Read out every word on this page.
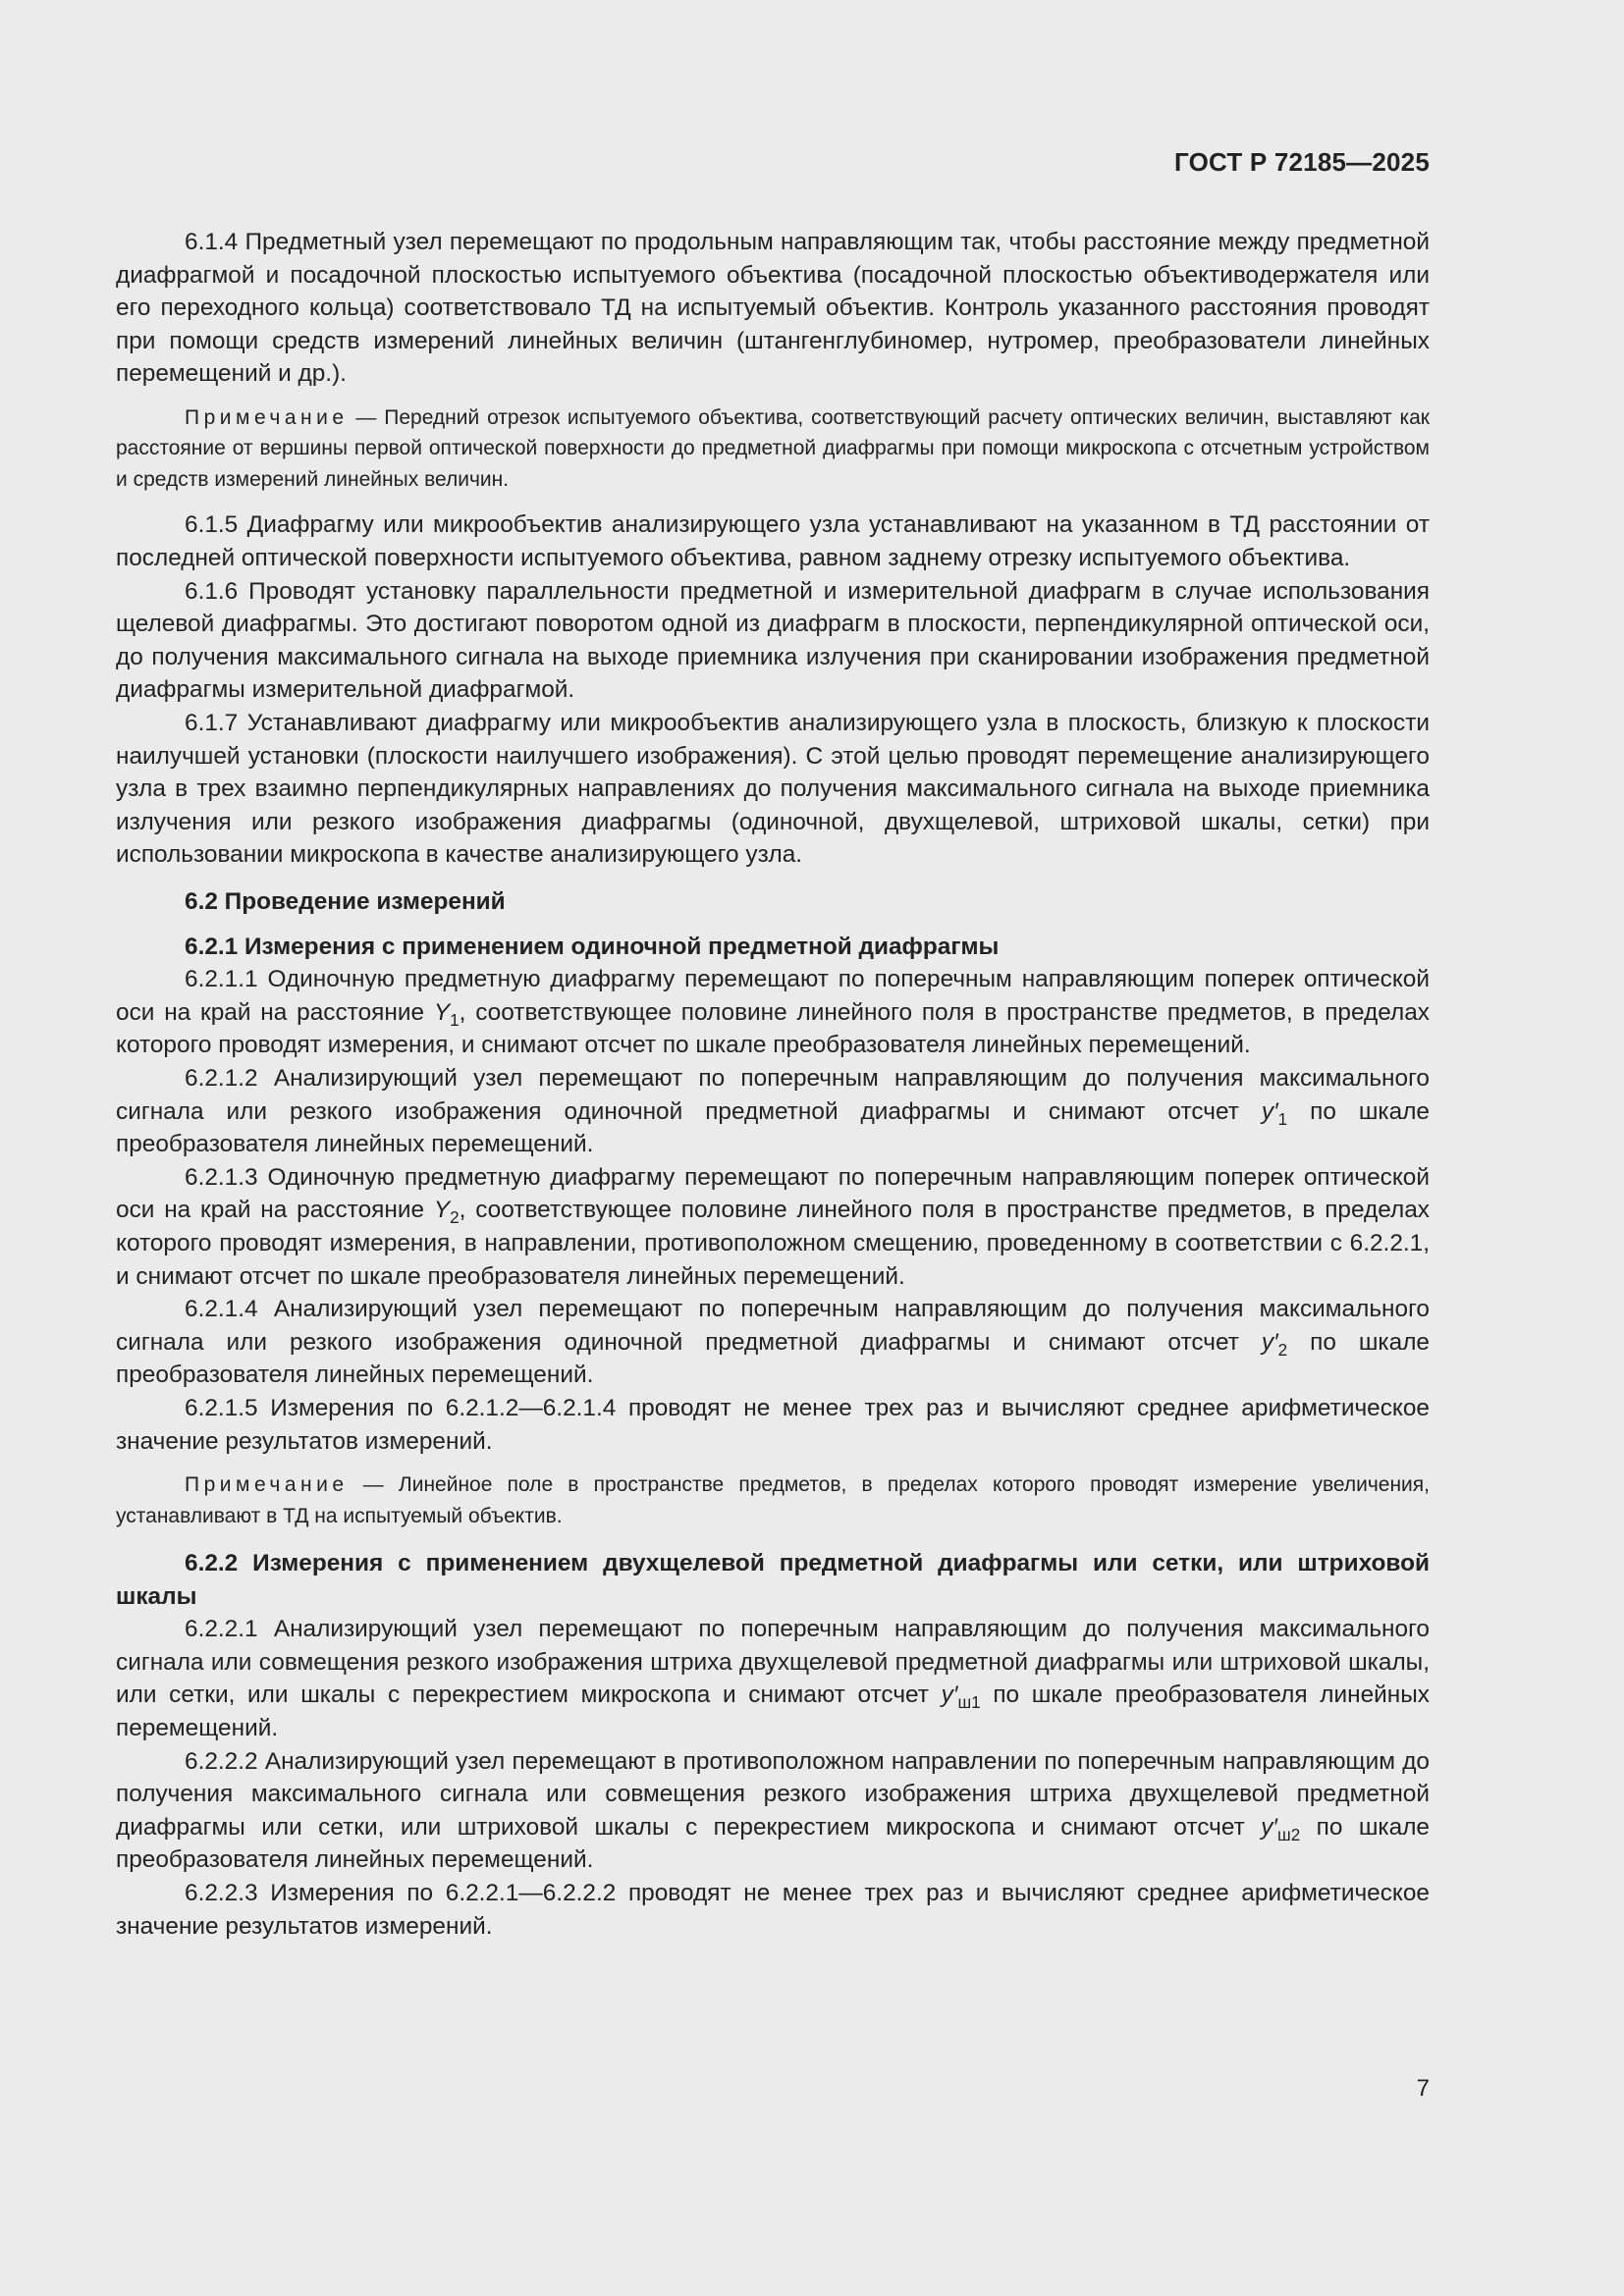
ГОСТ Р 72185—2025

6.1.4 Предметный узел перемещают по продольным направляющим так, чтобы расстояние между предметной диафрагмой и посадочной плоскостью испытуемого объектива (посадочной плоскостью объективодержателя или его переходного кольца) соответствовало ТД на испытуемый объектив. Контроль указанного расстояния проводят при помощи средств измерений линейных величин (штангенглубиномер, нутромер, преобразователи линейных перемещений и др.).

Примечание — Передний отрезок испытуемого объектива, соответствующий расчету оптических величин, выставляют как расстояние от вершины первой оптической поверхности до предметной диафрагмы при помощи микроскопа с отсчетным устройством и средств измерений линейных величин.

6.1.5 Диафрагму или микрообъектив анализирующего узла устанавливают на указанном в ТД расстоянии от последней оптической поверхности испытуемого объектива, равном заднему отрезку испытуемого объектива.

6.1.6 Проводят установку параллельности предметной и измерительной диафрагм в случае использования щелевой диафрагмы. Это достигают поворотом одной из диафрагм в плоскости, перпендикулярной оптической оси, до получения максимального сигнала на выходе приемника излучения при сканировании изображения предметной диафрагмы измерительной диафрагмой.

6.1.7 Устанавливают диафрагму или микрообъектив анализирующего узла в плоскость, близкую к плоскости наилучшей установки (плоскости наилучшего изображения). С этой целью проводят перемещение анализирующего узла в трех взаимно перпендикулярных направлениях до получения максимального сигнала на выходе приемника излучения или резкого изображения диафрагмы (одиночной, двухщелевой, штриховой шкалы, сетки) при использовании микроскопа в качестве анализирующего узла.

6.2 Проведение измерений

6.2.1 Измерения с применением одиночной предметной диафрагмы

6.2.1.1 Одиночную предметную диафрагму перемещают по поперечным направляющим поперек оптической оси на край на расстояние $Y_1$, соответствующее половине линейного поля в пространстве предметов, в пределах которого проводят измерения, и снимают отсчет по шкале преобразователя линейных перемещений.

6.2.1.2 Анализирующий узел перемещают по поперечным направляющим до получения максимального сигнала или резкого изображения одиночной предметной диафрагмы и снимают отсчет $y'_1$ по шкале преобразователя линейных перемещений.

6.2.1.3 Одиночную предметную диафрагму перемещают по поперечным направляющим поперек оптической оси на край на расстояние $Y_2$, соответствующее половине линейного поля в пространстве предметов, в пределах которого проводят измерения, в направлении, противоположном смещению, проведенному в соответствии с 6.2.2.1, и снимают отсчет по шкале преобразователя линейных перемещений.

6.2.1.4 Анализирующий узел перемещают по поперечным направляющим до получения максимального сигнала или резкого изображения одиночной предметной диафрагмы и снимают отсчет $y'_2$ по шкале преобразователя линейных перемещений.

6.2.1.5 Измерения по 6.2.1.2—6.2.1.4 проводят не менее трех раз и вычисляют среднее арифметическое значение результатов измерений.

Примечание — Линейное поле в пространстве предметов, в пределах которого проводят измерение увеличения, устанавливают в ТД на испытуемый объектив.

6.2.2 Измерения с применением двухщелевой предметной диафрагмы или сетки, или штриховой шкалы

6.2.2.1 Анализирующий узел перемещают по поперечным направляющим до получения максимального сигнала или совмещения резкого изображения штриха двухщелевой предметной диафрагмы или штриховой шкалы, или сетки, или шкалы с перекрестием микроскопа и снимают отсчет $y'_{ш1}$ по шкале преобразователя линейных перемещений.

6.2.2.2 Анализирующий узел перемещают в противоположном направлении по поперечным направляющим до получения максимального сигнала или совмещения резкого изображения штриха двухщелевой предметной диафрагмы или сетки, или штриховой шкалы с перекрестием микроскопа и снимают отсчет $y'_{ш2}$ по шкале преобразователя линейных перемещений.

6.2.2.3 Измерения по 6.2.2.1—6.2.2.2 проводят не менее трех раз и вычисляют среднее арифметическое значение результатов измерений.

7
